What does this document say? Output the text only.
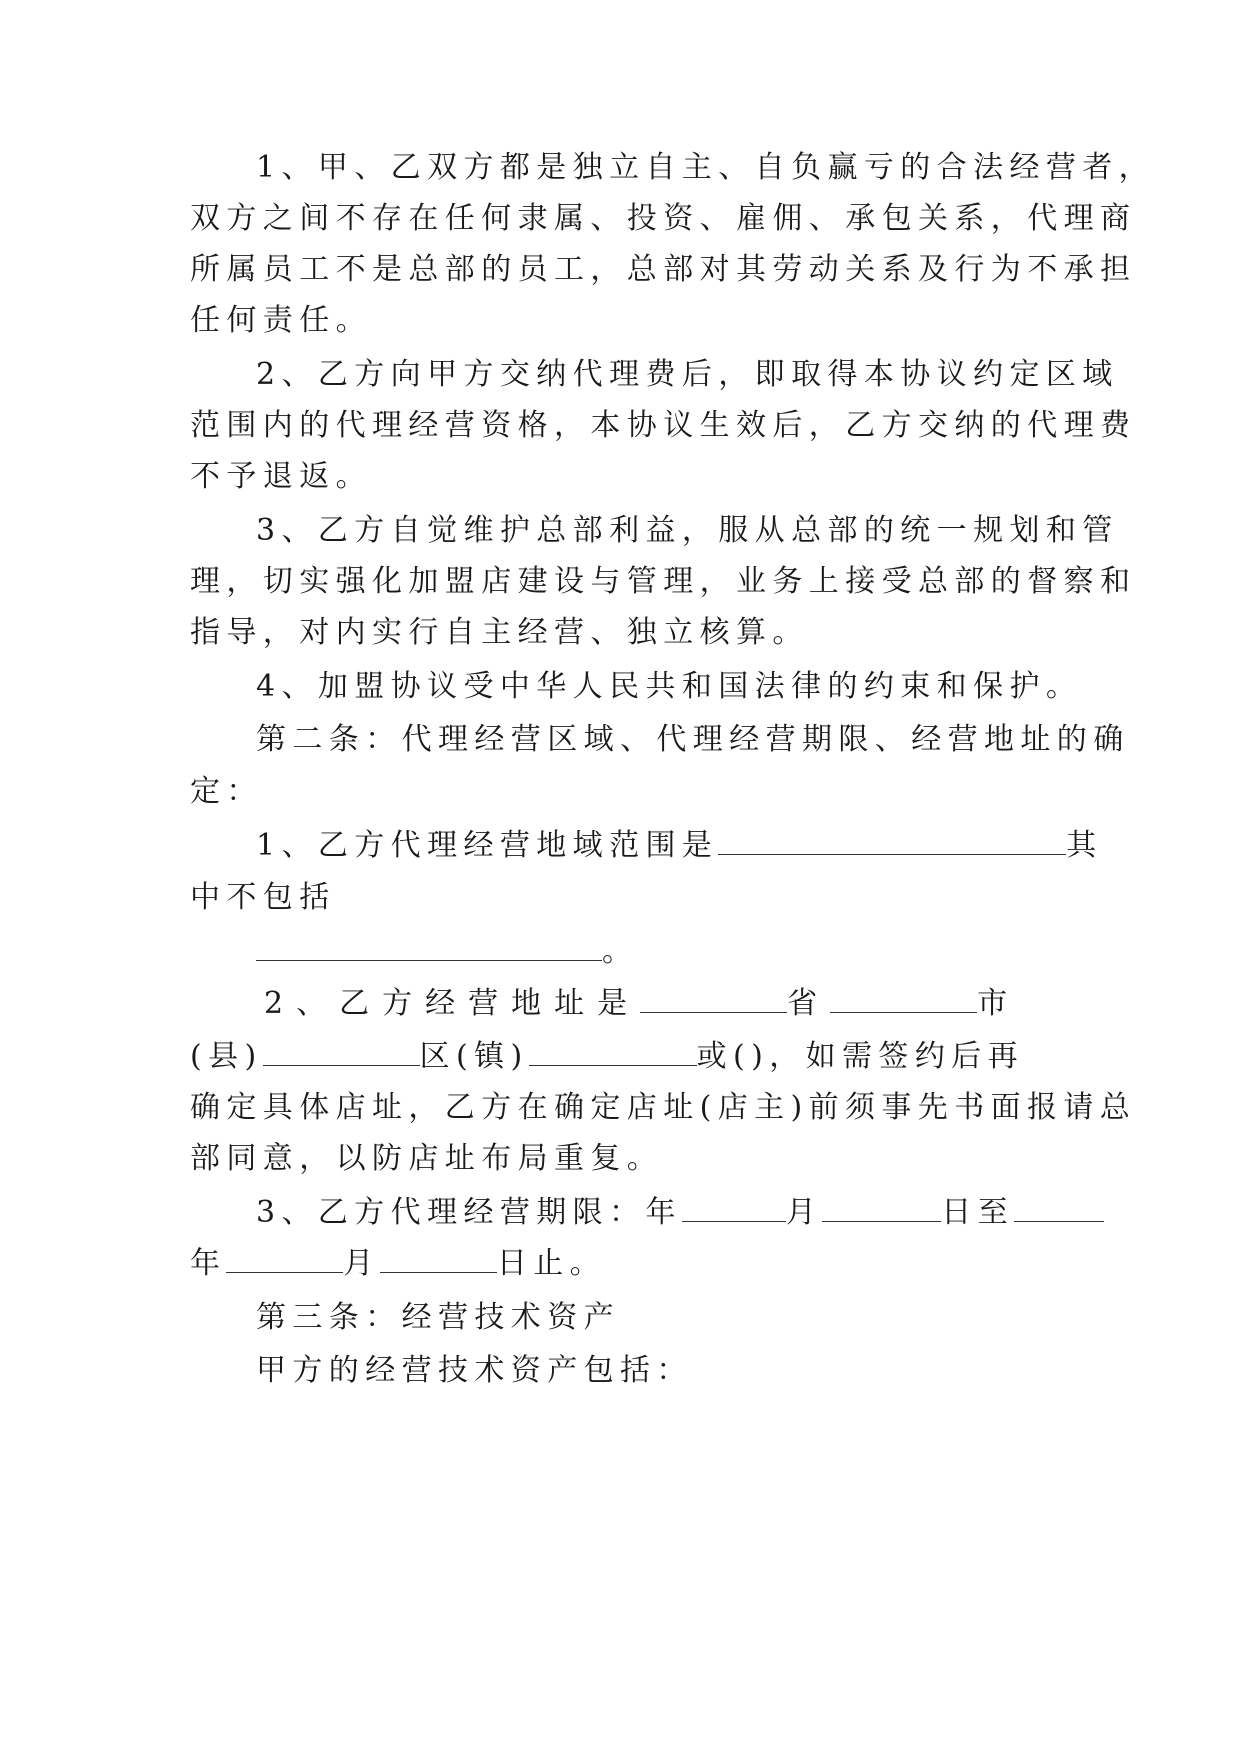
1、甲、乙双方都是独立自主、自负赢亏的合法经营者，
双方之间不存在任何隶属、投资、雇佣、承包关系，代理商
所属员工不是总部的员工，总部对其劳动关系及行为不承担
任何责任。
2、乙方向甲方交纳代理费后，即取得本协议约定区域
范围内的代理经营资格，本协议生效后，乙方交纳的代理费
不予退返。
3、乙方自觉维护总部利益，服从总部的统一规划和管
理，切实强化加盟店建设与管理，业务上接受总部的督察和
指导，对内实行自主经营、独立核算。
4、加盟协议受中华人民共和国法律的约束和保护。
第二条：代理经营区域、代理经营期限、经营地址的确
定：
1、乙方代理经营地域范围是	其
中不包括
。
2、乙方经营地址是	省	市
(县)	区(镇)	或()，如需签约后再
确定具体店址，乙方在确定店址(店主)前须事先书面报请总
部同意，以防店址布局重复。
3、乙方代理经营期限：年	月	日至
年	月	日止。
第三条：经营技术资产
甲方的经营技术资产包括：
